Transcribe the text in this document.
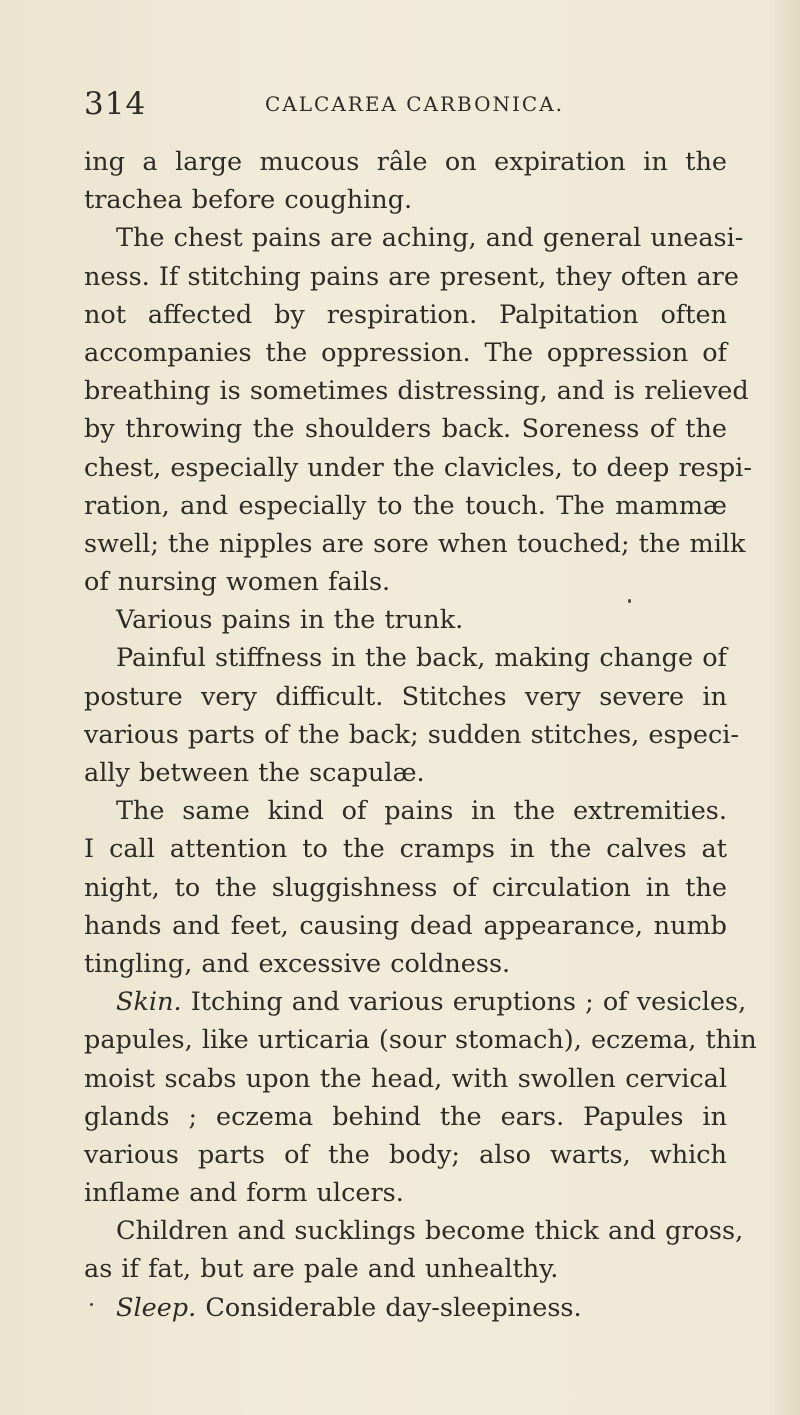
314	CALCAREA CARBONICA.
ing a large mucous râle on expiration in the
trachea before coughing.
The chest pains are aching, and general uneasi-
ness. If stitching pains are present, they often are
not affected by respiration. Palpitation often
accompanies the oppression. The oppression of
breathing is sometimes distressing, and is relieved
by throwing the shoulders back. Soreness of the
chest, especially under the clavicles, to deep respi-
ration, and especially to the touch. The mammæ
swell; the nipples are sore when touched; the milk
of nursing women fails.
Various pains in the trunk.
Painful stiffness in the back, making change of
posture very difficult. Stitches very severe in
various parts of the back; sudden stitches, especi-
ally between the scapulæ.
The same kind of pains in the extremities.
I call attention to the cramps in the calves at
night, to the sluggishness of circulation in the
hands and feet, causing dead appearance, numb
tingling, and excessive coldness.
Skin. Itching and various eruptions ; of vesicles,
papules, like urticaria (sour stomach), eczema, thin
moist scabs upon the head, with swollen cervical
glands ; eczema behind the ears. Papules in
various parts of the body; also warts, which
inflame and form ulcers.
Children and sucklings become thick and gross,
as if fat, but are pale and unhealthy.
Sleep. Considerable day-sleepiness.
